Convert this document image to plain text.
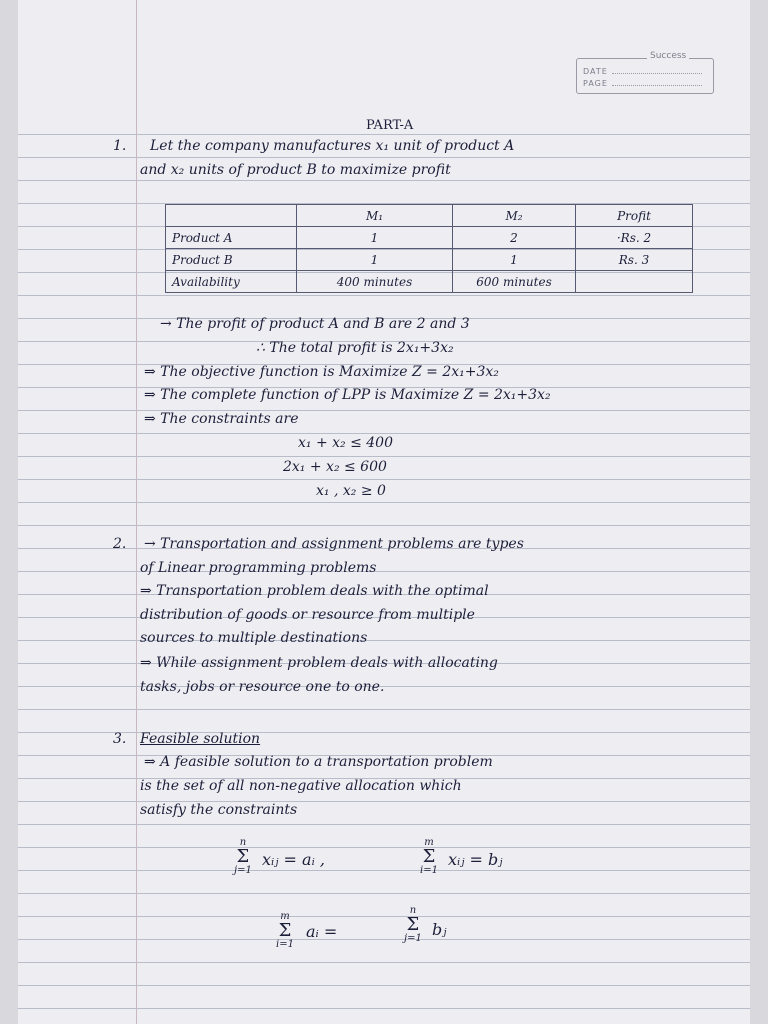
Success
DATE
PAGE
PART-A
1. Let the company manufactures x₁ unit of product A
and x₂ units of product B to maximize profit
	M₁	M₂	Profit
Product A	1	2	·Rs. 2
Product B	1	1	Rs. 3
Availability	400 minutes	600 minutes	
→ The profit of product A and B are 2 and 3
∴ The total profit is 2x₁+3x₂
⇒ The objective function is Maximize Z = 2x₁+3x₂
⇒ The complete function of LPP is Maximize Z = 2x₁+3x₂
⇒ The constraints are
x₁ + x₂ ≤ 400
2x₁ + x₂ ≤ 600
x₁ , x₂ ≥ 0
2. → Transportation and assignment problems are types
of Linear programming problems
⇒ Transportation problem deals with the optimal
distribution of goods or resource from multiple
sources to multiple destinations
⇒ While assignment problem deals with allocating
tasks, jobs or resource one to one.
3. Feasible solution
⇒ A feasible solution to a transportation problem
is the set of all non-negative allocation which
satisfy the constraints
n
Σ
j=1
xᵢⱼ = aᵢ ,
m
Σ
i=1
xᵢⱼ = bⱼ
m
Σ
i=1
aᵢ =
n
Σ
j=1 bⱼ
